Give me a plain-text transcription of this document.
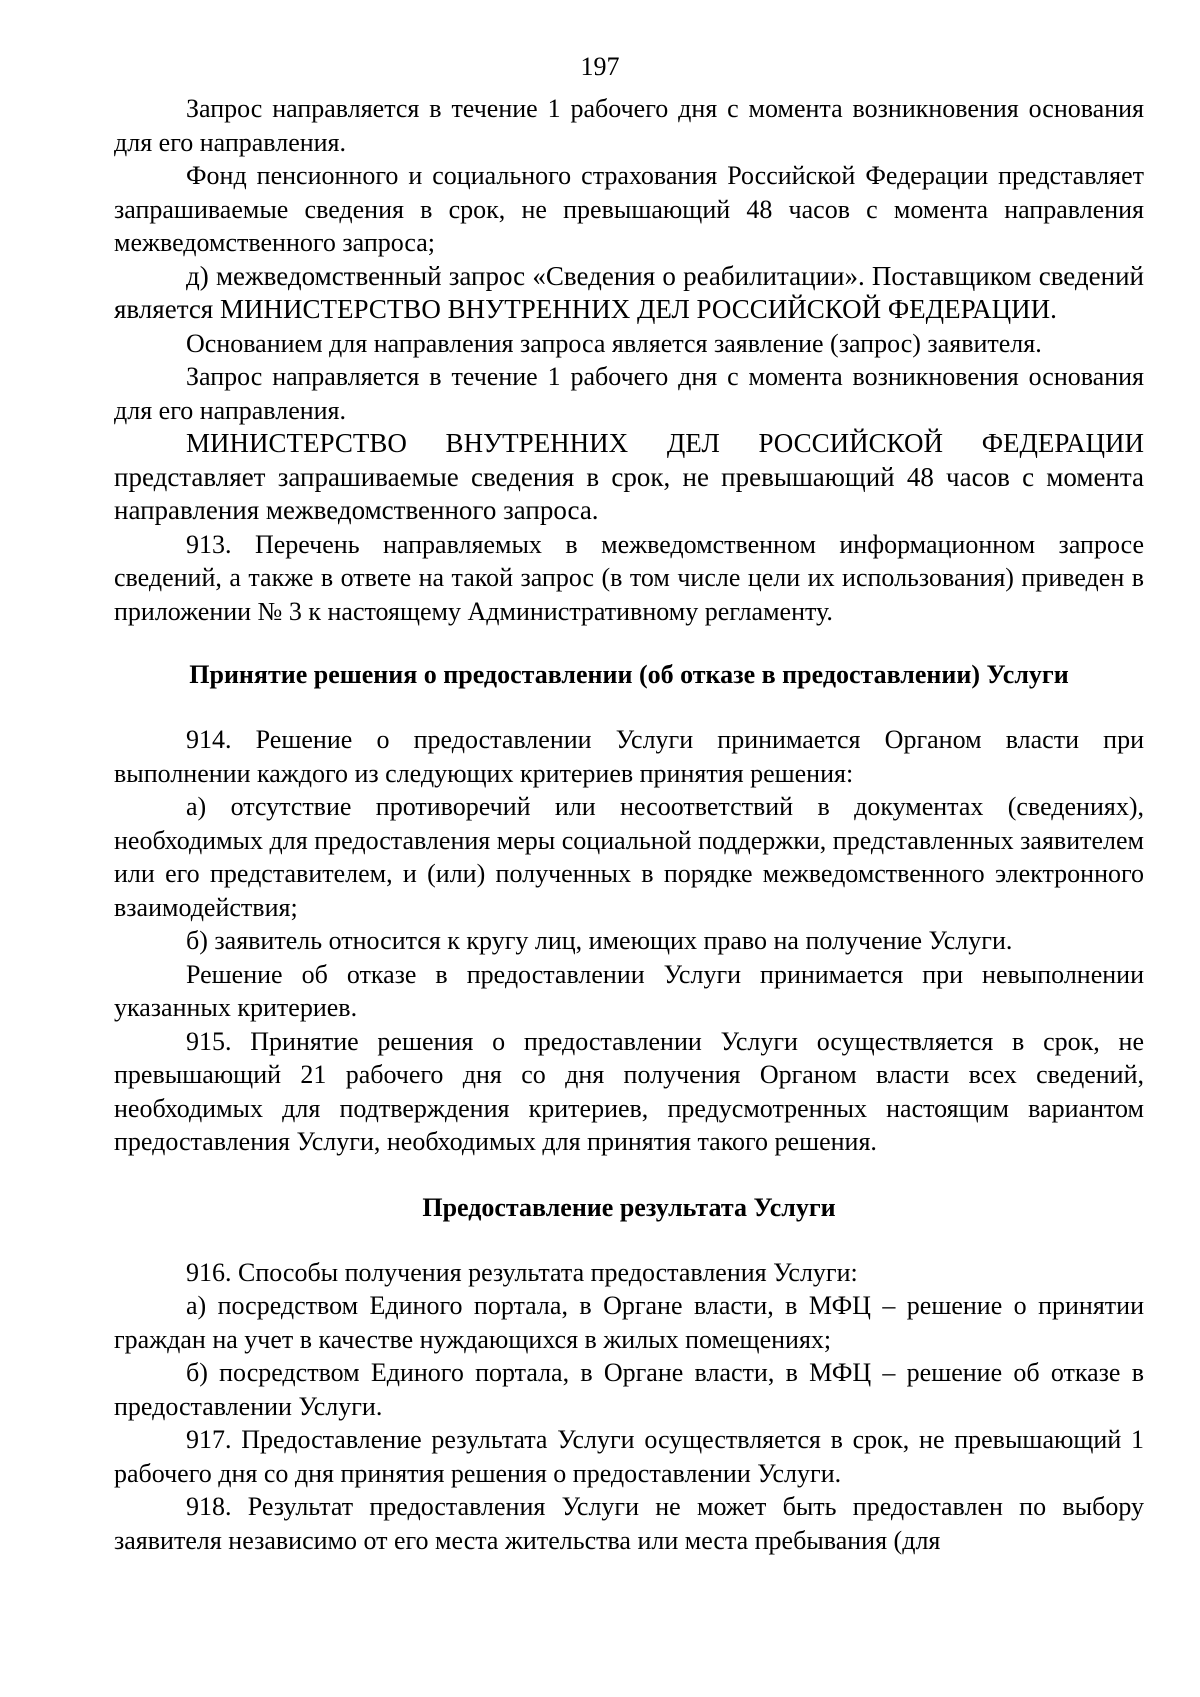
197

Запрос направляется в течение 1 рабочего дня с момента возникновения основания для его направления.

Фонд пенсионного и социального страхования Российской Федерации представляет запрашиваемые сведения в срок, не превышающий 48 часов с момента направления межведомственного запроса;

д) межведомственный запрос «Сведения о реабилитации». Поставщиком сведений является МИНИСТЕРСТВО ВНУТРЕННИХ ДЕЛ РОССИЙСКОЙ ФЕДЕРАЦИИ.

Основанием для направления запроса является заявление (запрос) заявителя.

Запрос направляется в течение 1 рабочего дня с момента возникновения основания для его направления.

МИНИСТЕРСТВО ВНУТРЕННИХ ДЕЛ РОССИЙСКОЙ ФЕДЕРАЦИИ представляет запрашиваемые сведения в срок, не превышающий 48 часов с момента направления межведомственного запроса.

913. Перечень направляемых в межведомственном информационном запросе сведений, а также в ответе на такой запрос (в том числе цели их использования) приведен в приложении № 3 к настоящему Административному регламенту.

Принятие решения о предоставлении (об отказе в предоставлении) Услуги

914. Решение о предоставлении Услуги принимается Органом власти при выполнении каждого из следующих критериев принятия решения:

а) отсутствие противоречий или несоответствий в документах (сведениях), необходимых для предоставления меры социальной поддержки, представленных заявителем или его представителем, и (или) полученных в порядке межведомственного электронного взаимодействия;

б) заявитель относится к кругу лиц, имеющих право на получение Услуги.

Решение об отказе в предоставлении Услуги принимается при невыполнении указанных критериев.

915. Принятие решения о предоставлении Услуги осуществляется в срок, не превышающий 21 рабочего дня со дня получения Органом власти всех сведений, необходимых для подтверждения критериев, предусмотренных настоящим вариантом предоставления Услуги, необходимых для принятия такого решения.

Предоставление результата Услуги

916. Способы получения результата предоставления Услуги:

а) посредством Единого портала, в Органе власти, в МФЦ – решение о принятии граждан на учет в качестве нуждающихся в жилых помещениях;

б) посредством Единого портала, в Органе власти, в МФЦ – решение об отказе в предоставлении Услуги.

917. Предоставление результата Услуги осуществляется в срок, не превышающий 1 рабочего дня со дня принятия решения о предоставлении Услуги.

918. Результат предоставления Услуги не может быть предоставлен по выбору заявителя независимо от его места жительства или места пребывания (для
